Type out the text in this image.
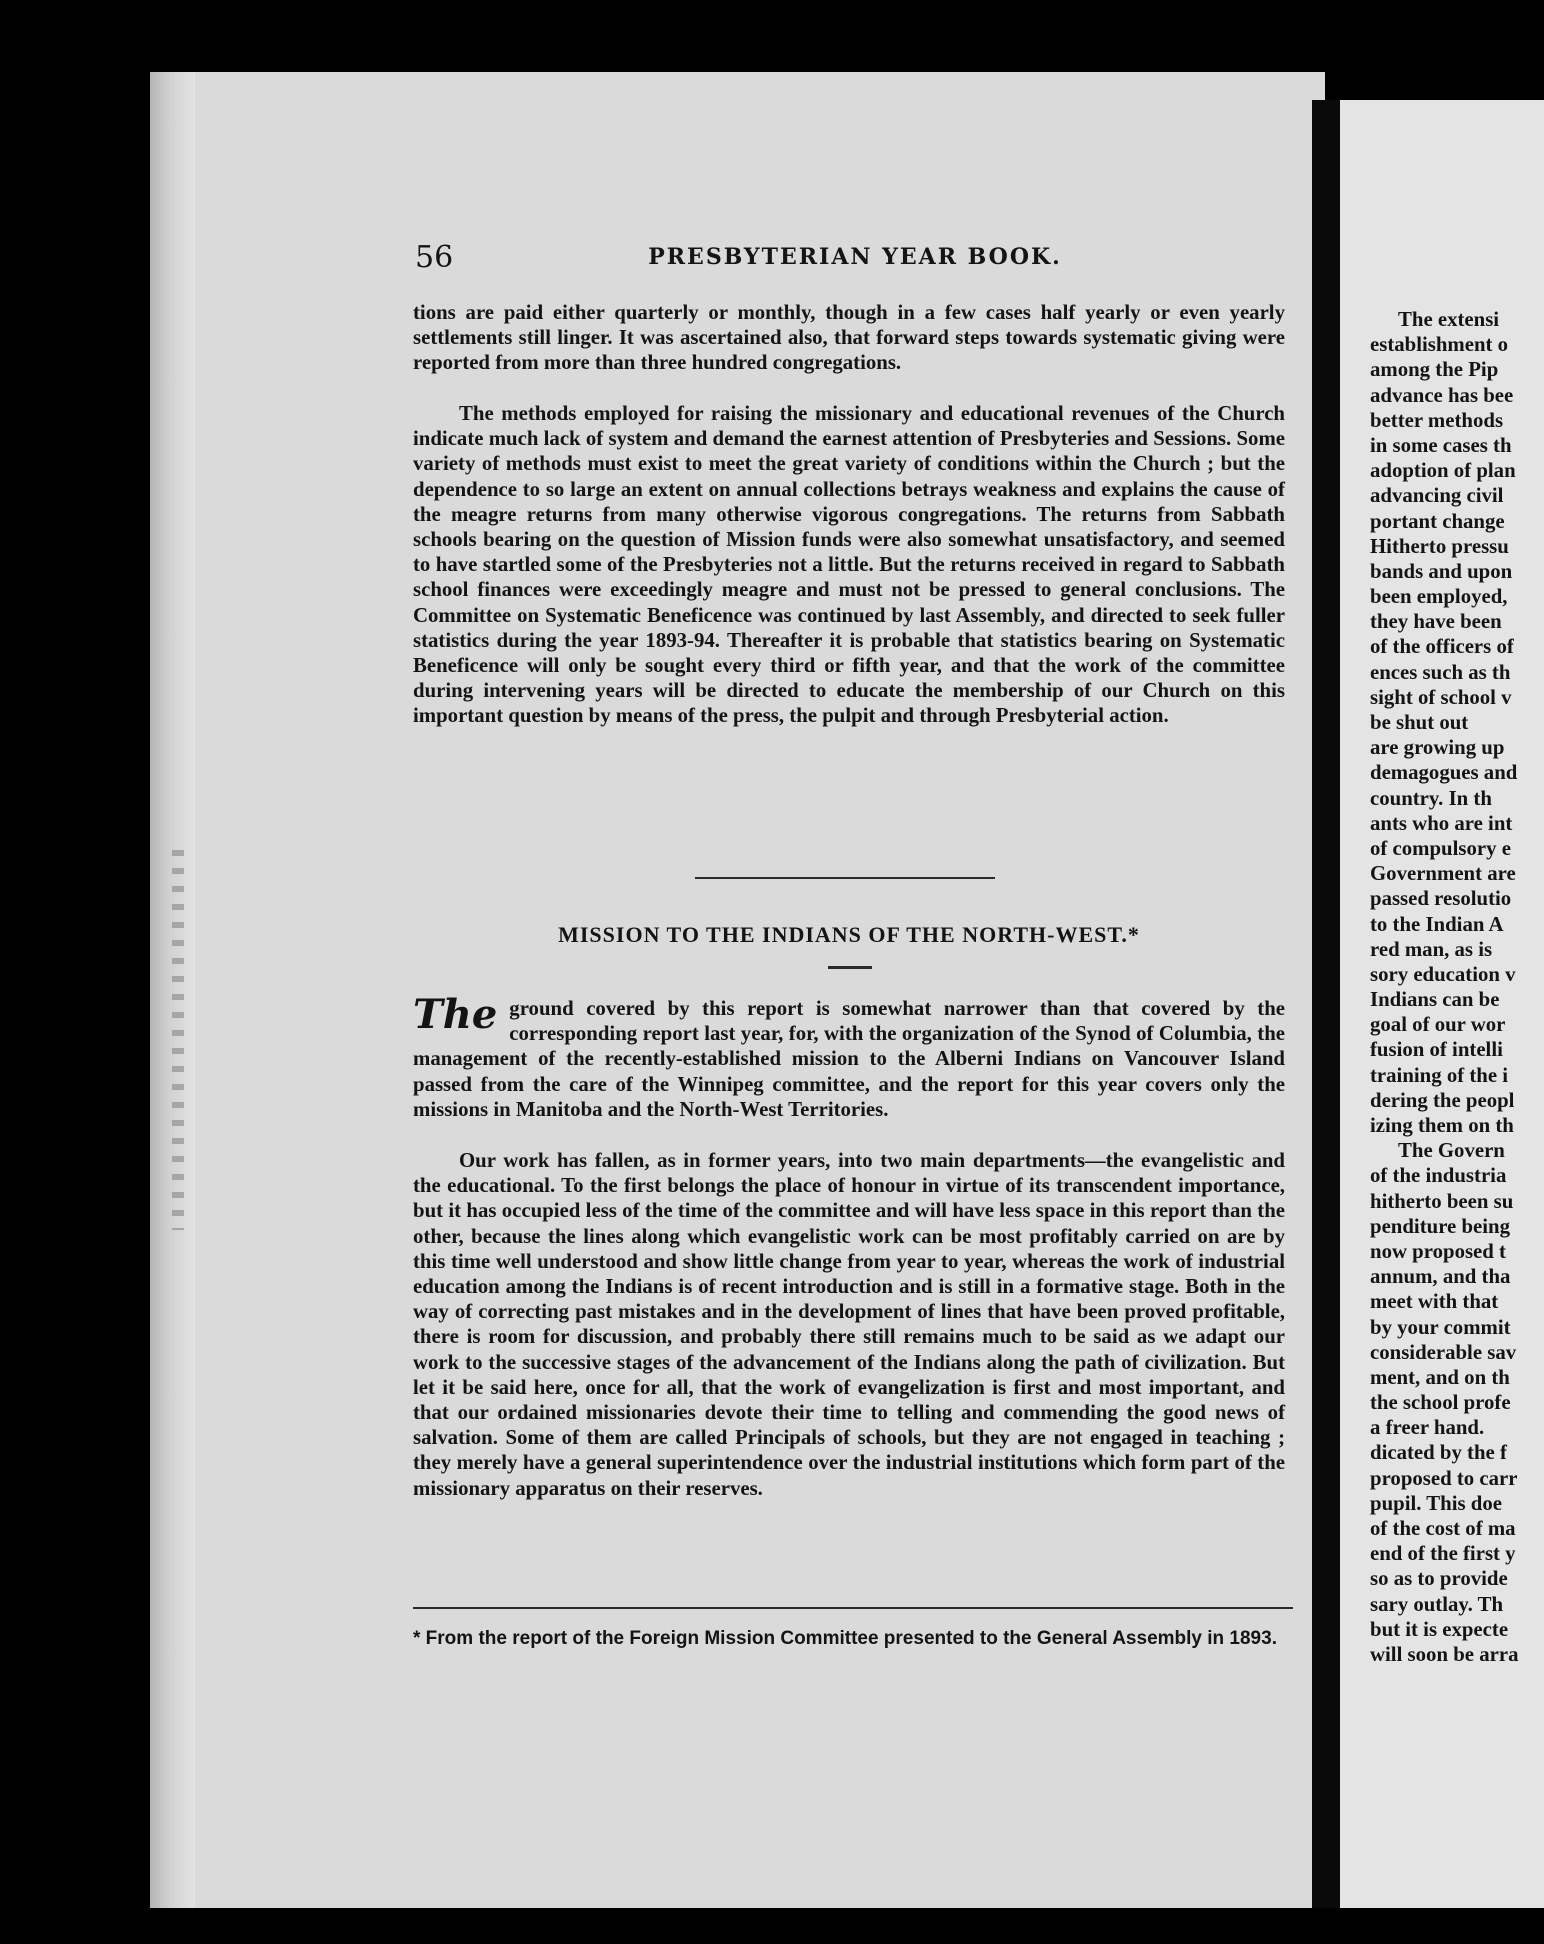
56	PRESBYTERIAN YEAR BOOK.

tions are paid either quarterly or monthly, though in a few cases half yearly or even yearly settlements still linger. It was ascertained also, that forward steps towards systematic giving were reported from more than three hundred congregations.

The methods employed for raising the missionary and educational revenues of the Church indicate much lack of system and demand the earnest attention of Presbyteries and Sessions. Some variety of methods must exist to meet the great variety of conditions within the Church ; but the dependence to so large an extent on annual collections betrays weakness and explains the cause of the meagre returns from many otherwise vigorous congregations. The returns from Sabbath schools bearing on the question of Mission funds were also somewhat unsatisfactory, and seemed to have startled some of the Presbyteries not a little. But the returns received in regard to Sabbath school finances were exceedingly meagre and must not be pressed to general conclusions. The Committee on Systematic Beneficence was continued by last Assembly, and directed to seek fuller statistics during the year 1893-94. Thereafter it is probable that statistics bearing on Systematic Beneficence will only be sought every third or fifth year, and that the work of the committee during intervening years will be directed to educate the membership of our Church on this important question by means of the press, the pulpit and through Presbyterial action.

MISSION TO THE INDIANS OF THE NORTH-WEST.*

The ground covered by this report is somewhat narrower than that covered by the corresponding report last year, for, with the organization of the Synod of Columbia, the management of the recently-established mission to the Alberni Indians on Vancouver Island passed from the care of the Winnipeg committee, and the report for this year covers only the missions in Manitoba and the North-West Territories.

Our work has fallen, as in former years, into two main departments—the evangelistic and the educational. To the first belongs the place of honour in virtue of its transcendent importance, but it has occupied less of the time of the committee and will have less space in this report than the other, because the lines along which evangelistic work can be most profitably carried on are by this time well understood and show little change from year to year, whereas the work of industrial education among the Indians is of recent introduction and is still in a formative stage. Both in the way of correcting past mistakes and in the development of lines that have been proved profitable, there is room for discussion, and probably there still remains much to be said as we adapt our work to the successive stages of the advancement of the Indians along the path of civilization. But let it be said here, once for all, that the work of evangelization is first and most important, and that our ordained missionaries devote their time to telling and commending the good news of salvation. Some of them are called Principals of schools, but they are not engaged in teaching ; they merely have a general superintendence over the industrial institutions which form part of the missionary apparatus on their reserves.

* From the report of the Foreign Mission Committee presented to the General Assembly in 1893.

The extensi
establishment o
among the Pip
advance has bee
better methods
in some cases th
adoption of plan
advancing civil
portant change
Hitherto pressu
bands and upon
been employed,
they have been
of the officers of
ences such as th
sight of school v
be shut out
are growing up
demagogues and
country. In th
ants who are int
of compulsory e
Government are
passed resolutio
to the Indian A
red man, as is
sory education v
Indians can be
goal of our wor
fusion of intelli
training of the i
dering the peopl
izing them on th
The Govern
of the industria
hitherto been su
penditure being
now proposed t
annum, and tha
meet with that
by your commit
considerable sav
ment, and on th
the school profe
a freer hand.
dicated by the f
proposed to carr
pupil. This doe
of the cost of ma
end of the first y
so as to provide
sary outlay. Th
but it is expecte
will soon be arra
